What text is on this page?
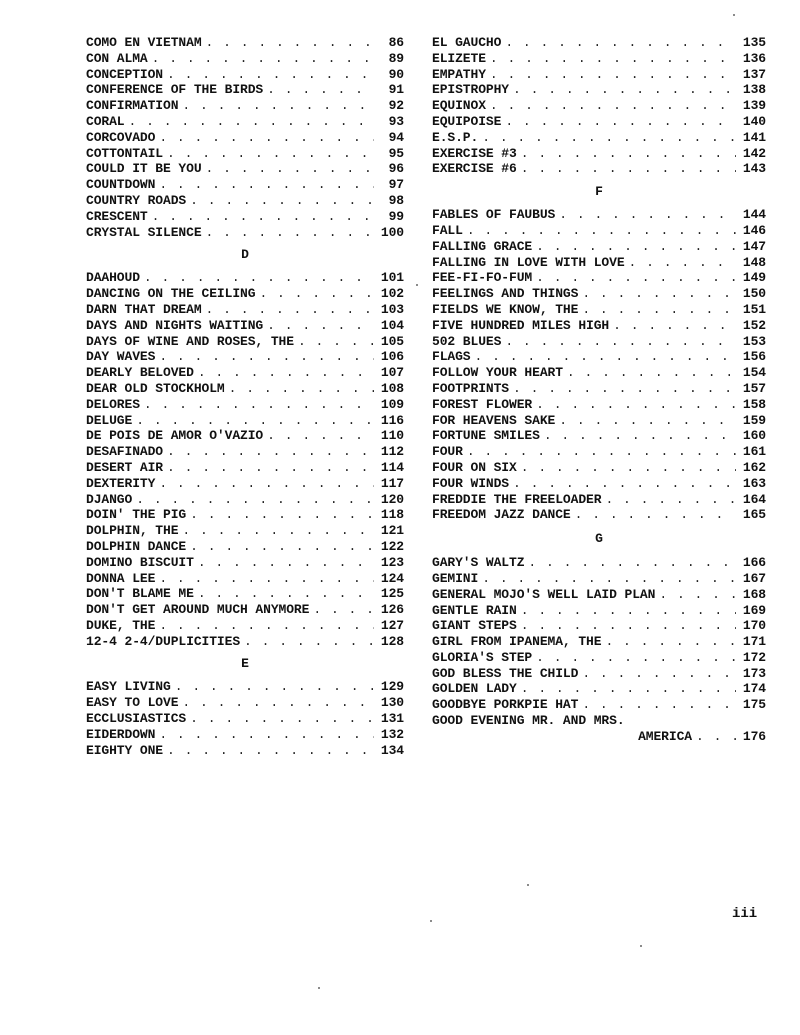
COMO EN VIETNAM . . .	86
CON ALMA . . .	89
CONCEPTION . . .	90
CONFERENCE OF THE BIRDS . . .	91
CONFIRMATION . . .	92
CORAL . . .	93
CORCOVADO . . .	94
COTTONTAIL . . .	95
COULD IT BE YOU . . .	96
COUNTDOWN . . .	97
COUNTRY ROADS . . .	98
CRESCENT . . .	99
CRYSTAL SILENCE . . .	100
D
DAAHOUD . . .	101
DANCING ON THE CEILING . . .	102
DARN THAT DREAM . . .	103
DAYS AND NIGHTS WAITING . . .	104
DAYS OF WINE AND ROSES, THE . . .	105
DAY WAVES . . .	106
DEARLY BELOVED . . .	107
DEAR OLD STOCKHOLM . . .	108
DELORES . . .	109
DELUGE . . .	116
DE POIS DE AMOR O'VAZIO . . .	110
DESAFINADO . . .	112
DESERT AIR . . .	114
DEXTERITY . . .	117
DJANGO . . .	120
DOIN' THE PIG . . .	118
DOLPHIN, THE . . .	121
DOLPHIN DANCE . . .	122
DOMINO BISCUIT . . .	123
DONNA LEE . . .	124
DON'T BLAME ME . . .	125
DON'T GET AROUND MUCH ANYMORE . . .	126
DUKE, THE . . .	127
12-4 2-4/DUPLICITIES . . .	128
E
EASY LIVING . . .	129
EASY TO LOVE . . .	130
ECCLUSIASTICS . . .	131
EIDERDOWN . . .	132
EIGHTY ONE . . .	134
EL GAUCHO . . .	135
ELIZETE . . .	136
EMPATHY . . .	137
EPISTROPHY . . .	138
EQUINOX . . .	139
EQUIPOISE . . .	140
E.S.P. . . .	141
EXERCISE #3 . . .	142
EXERCISE #6 . . .	143
F
FABLES OF FAUBUS . . .	144
FALL . . .	146
FALLING GRACE . . .	147
FALLING IN LOVE WITH LOVE . . .	148
FEE-FI-FO-FUM . . .	149
FEELINGS AND THINGS . . .	150
FIELDS WE KNOW, THE . . .	151
FIVE HUNDRED MILES HIGH . . .	152
502 BLUES . . .	153
FLAGS . . .	156
FOLLOW YOUR HEART . . .	154
FOOTPRINTS . . .	157
FOREST FLOWER . . .	158
FOR HEAVENS SAKE . . .	159
FORTUNE SMILES . . .	160
FOUR . . .	161
FOUR ON SIX . . .	162
FOUR WINDS . . .	163
FREDDIE THE FREELOADER . . .	164
FREEDOM JAZZ DANCE . . .	165
G
GARY'S WALTZ . . .	166
GEMINI . . .	167
GENERAL MOJO'S WELL LAID PLAN . . .	168
GENTLE RAIN . . .	169
GIANT STEPS . . .	170
GIRL FROM IPANEMA, THE . . .	171
GLORIA'S STEP . . .	172
GOD BLESS THE CHILD . . .	173
GOLDEN LADY . . .	174
GOODBYE PORKPIE HAT . . .	175
GOOD EVENING MR. AND MRS.
AMERICA . . .	176
iii
